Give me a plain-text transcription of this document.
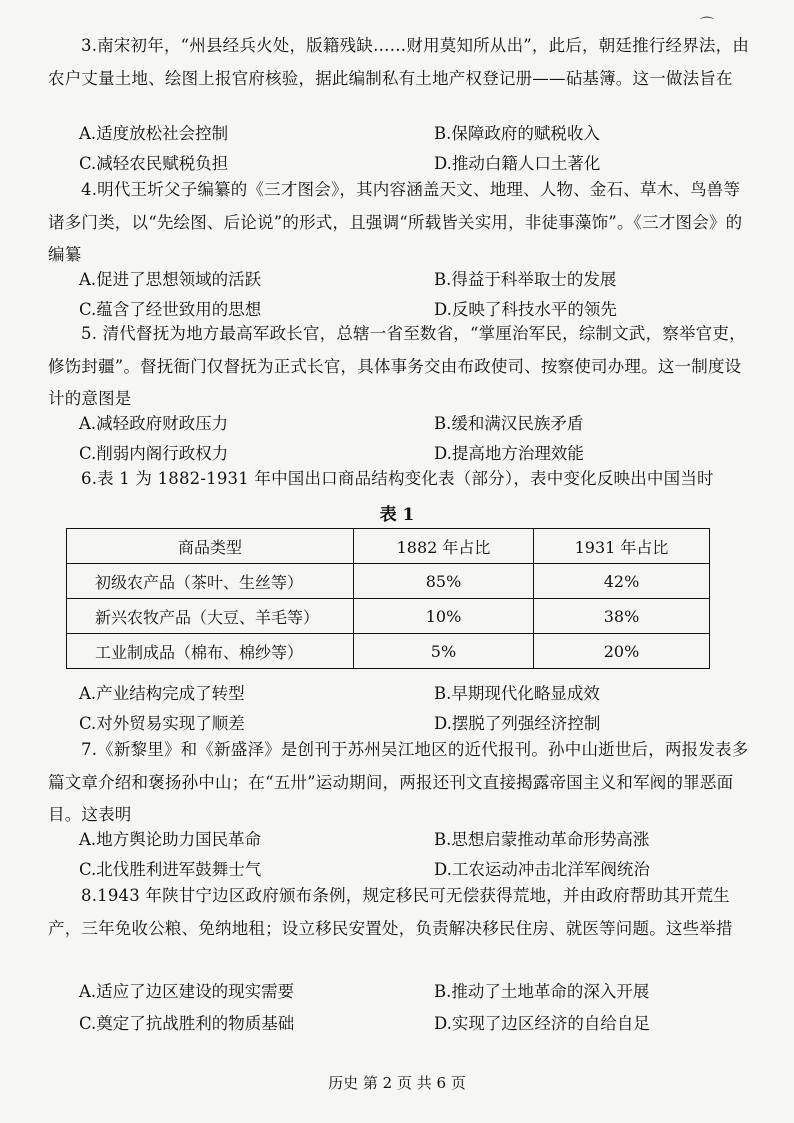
⌒
3.南宋初年，“州县经兵火处，版籍残缺……财用莫知所从出”，此后，朝廷推行经界法，由农户丈量土地、绘图上报官府核验，据此编制私有土地产权登记册——砧基簿。这一做法旨在
A.适度放松社会控制	B.保障政府的赋税收入
C.减轻农民赋税负担	D.推动白籍人口土著化
4.明代王圻父子编纂的《三才图会》，其内容涵盖天文、地理、人物、金石、草木、鸟兽等诸多门类，以“先绘图、后论说”的形式，且强调“所载皆关实用，非徒事藻饰”。《三才图会》的编纂
A.促进了思想领域的活跃	B.得益于科举取士的发展
C.蕴含了经世致用的思想	D.反映了科技水平的领先
5. 清代督抚为地方最高军政长官，总辖一省至数省，“掌厘治军民，综制文武，察举官吏，修饬封疆”。督抚衙门仅督抚为正式长官，具体事务交由布政使司、按察使司办理。这一制度设计的意图是
A.减轻政府财政压力	B.缓和满汉民族矛盾
C.削弱内阁行政权力	D.提高地方治理效能
6.表 1 为 1882-1931 年中国出口商品结构变化表（部分），表中变化反映出中国当时
表 1
商品类型	1882 年占比	1931 年占比
初级农产品（茶叶、生丝等）	85%	42%
新兴农牧产品（大豆、羊毛等）	10%	38%
工业制成品（棉布、棉纱等）	5%	20%
A.产业结构完成了转型	B.早期现代化略显成效
C.对外贸易实现了顺差	D.摆脱了列强经济控制
7.《新黎里》和《新盛泽》是创刊于苏州吴江地区的近代报刊。孙中山逝世后，两报发表多篇文章介绍和褒扬孙中山；在“五卅”运动期间，两报还刊文直接揭露帝国主义和军阀的罪恶面目。这表明
A.地方舆论助力国民革命	B.思想启蒙推动革命形势高涨
C.北伐胜利进军鼓舞士气	D.工农运动冲击北洋军阀统治
8.1943 年陕甘宁边区政府颁布条例，规定移民可无偿获得荒地，并由政府帮助其开荒生产，三年免收公粮、免纳地租；设立移民安置处，负责解决移民住房、就医等问题。这些举措
A.适应了边区建设的现实需要	B.推动了土地革命的深入开展
C.奠定了抗战胜利的物质基础	D.实现了边区经济的自给自足
历史 第 2 页 共 6 页
